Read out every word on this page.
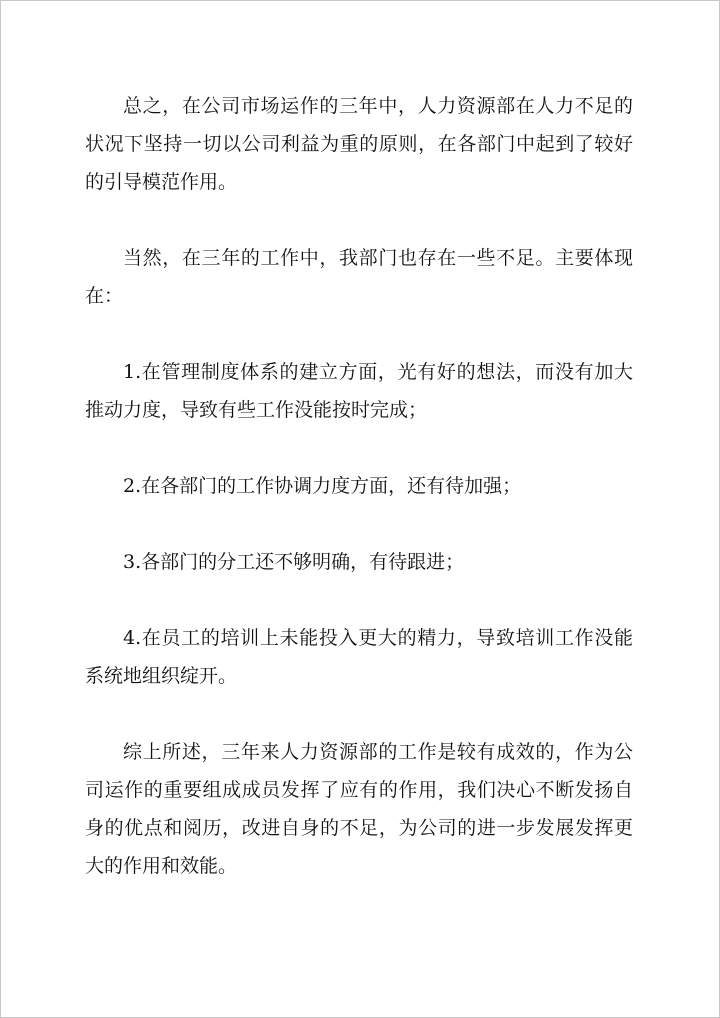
总之，在公司市场运作的三年中，人力资源部在人力不足的状况下坚持一切以公司利益为重的原则，在各部门中起到了较好的引导模范作用。

当然，在三年的工作中，我部门也存在一些不足。主要体现在：

1.在管理制度体系的建立方面，光有好的想法，而没有加大推动力度，导致有些工作没能按时完成；

2.在各部门的工作协调力度方面，还有待加强；

3.各部门的分工还不够明确，有待跟进；

4.在员工的培训上未能投入更大的精力，导致培训工作没能系统地组织绽开。

综上所述，三年来人力资源部的工作是较有成效的，作为公司运作的重要组成成员发挥了应有的作用，我们决心不断发扬自身的优点和阅历，改进自身的不足，为公司的进一步发展发挥更大的作用和效能。
